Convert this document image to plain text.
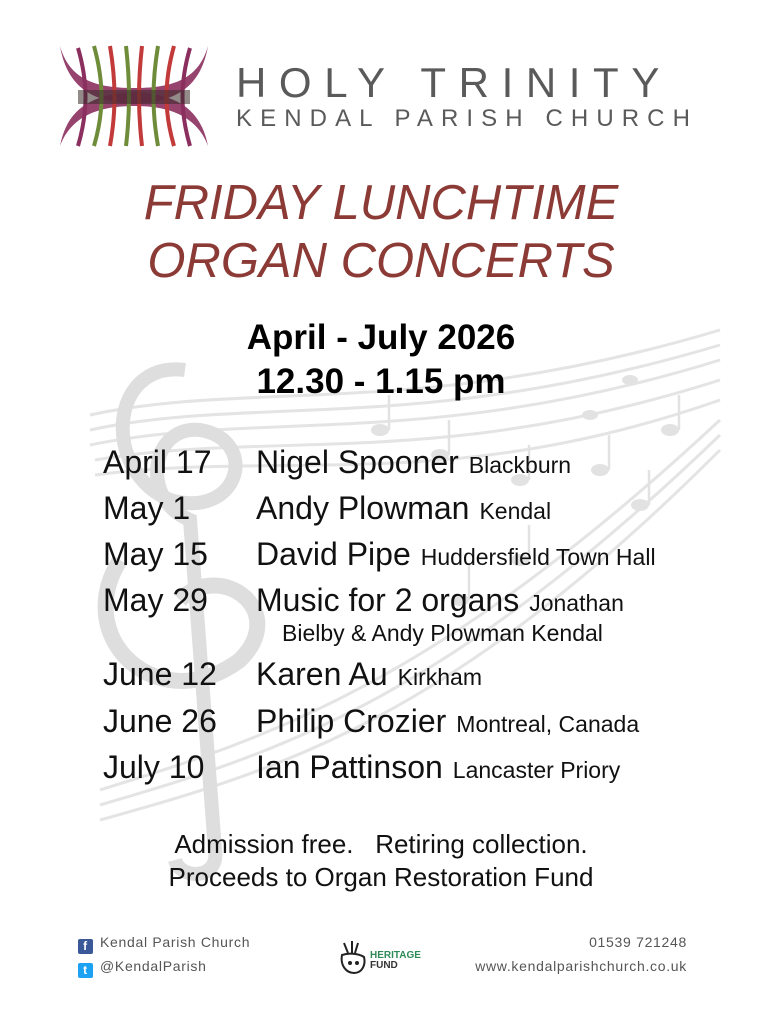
HOLY TRINITY
KENDAL PARISH CHURCH
FRIDAY LUNCHTIME
ORGAN CONCERTS
April - July 2026
12.30 - 1.15 pm
April 17 Nigel Spooner Blackburn
May 1 Andy Plowman Kendal
May 15 David Pipe Huddersfield Town Hall
May 29 Music for 2 organs Jonathan
Bielby & Andy Plowman Kendal
June 12 Karen Au Kirkham
June 26 Philip Crozier Montreal, Canada
July 10 Ian Pattinson Lancaster Priory
Admission free.   Retiring collection.
Proceeds to Organ Restoration Fund
f Kendal Parish Church
t @KendalParish
HERITAGE
FUND
01539 721248
www.kendalparishchurch.co.uk
